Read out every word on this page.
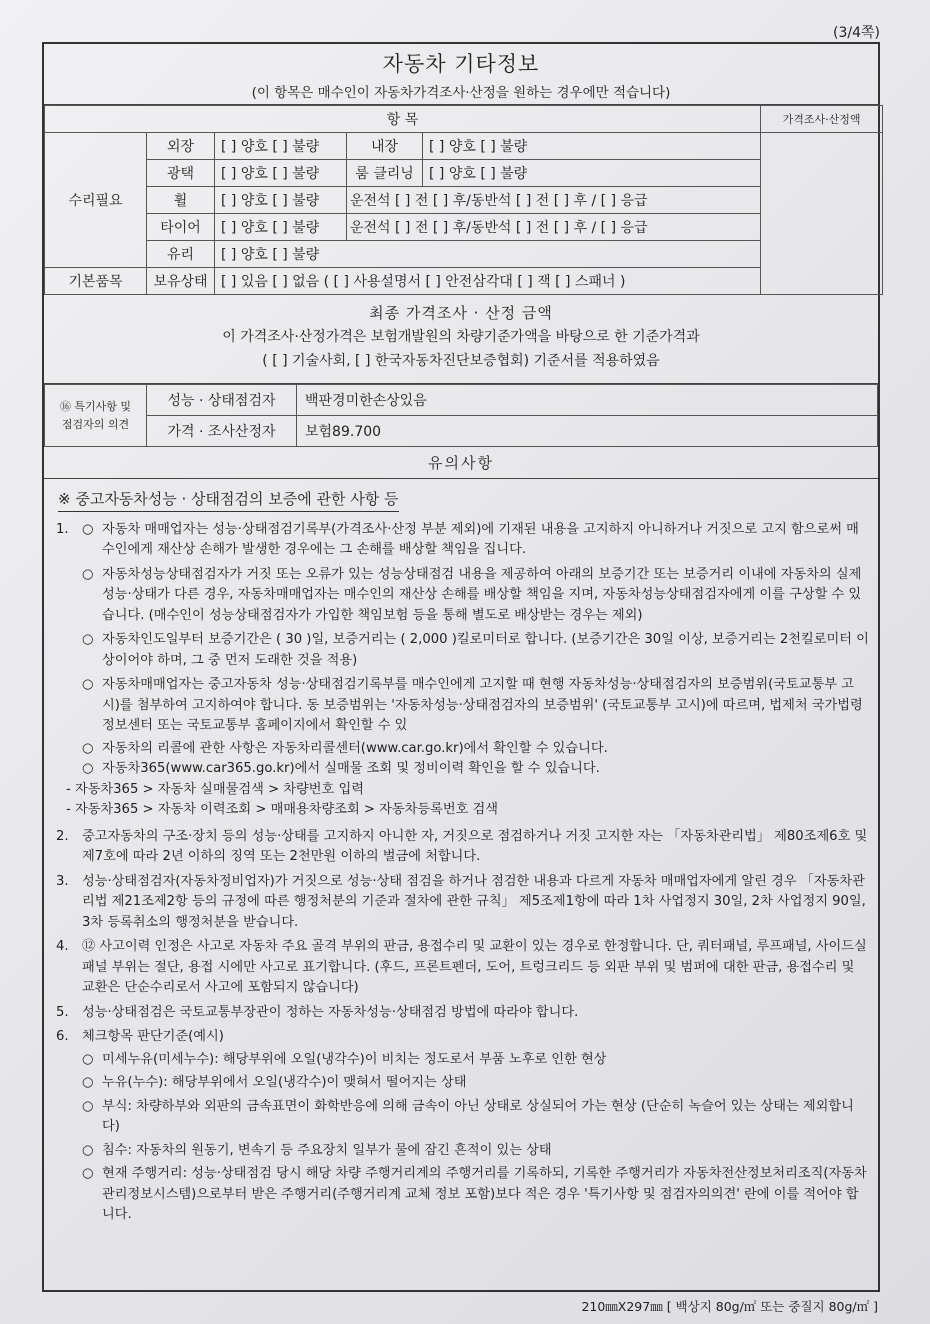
(3/4쪽)
자동차 기타정보
(이 항목은 매수인이 자동차가격조사·산정을 원하는 경우에만 적습니다)
항 목					가격조사·산정액
수리필요	외장	[ ] 양호 [ ] 불량	내장	[ ] 양호 [ ] 불량	
	광택	[ ] 양호 [ ] 불량	룸 클리닝	[ ] 양호 [ ] 불량	
	휠	[ ] 양호 [ ] 불량	운전석 [ ] 전 [ ] 후/동반석 [ ] 전 [ ] 후 / [ ] 응급		
	타이어	[ ] 양호 [ ] 불량	운전석 [ ] 전 [ ] 후/동반석 [ ] 전 [ ] 후 / [ ] 응급		
	유리	[ ] 양호 [ ] 불량			
기본품목	보유상태	[ ] 있음 [ ] 없음 ( [ ] 사용설명서 [ ] 안전삼각대 [ ] 잭 [ ] 스패너 )			
최종 가격조사 · 산정 금액
이 가격조사·산정가격은 보험개발원의 차량기준가액을 바탕으로 한 기준가격과
( [ ] 기술사회, [ ] 한국자동차진단보증협회) 기준서를 적용하였음
⑯ 특기사항 및
점검자의 의견	성능 · 상태점검자	백판경미한손상있음
	가격 · 조사산정자	보험89.700
유의사항
※ 중고자동차성능 · 상태점검의 보증에 관한 사항 등
1.	○ 자동차 매매업자는 성능·상태점검기록부(가격조사·산정 부분 제외)에 기재된 내용을 고지하지 아니하거나 거짓으로 고지 함으로써 매수인에게 재산상 손해가 발생한 경우에는 그 손해를 배상할 책임을 집니다.
○ 자동차성능상태점검자가 거짓 또는 오류가 있는 성능상태점검 내용을 제공하여 아래의 보증기간 또는 보증거리 이내에 자동차의 실제 성능·상태가 다른 경우, 자동차매매업자는 매수인의 재산상 손해를 배상할 책임을 지며, 자동차성능상태점검자에게 이를 구상할 수 있습니다. (매수인이 성능상태점검자가 가입한 책임보험 등을 통해 별도로 배상받는 경우는 제외)
○ 자동차인도일부터 보증기간은 ( 30 )일, 보증거리는 ( 2,000 )킬로미터로 합니다. (보증기간은 30일 이상, 보증거리는 2천킬로미터 이상이어야 하며, 그 중 먼저 도래한 것을 적용)
○ 자동차매매업자는 중고자동차 성능·상태점검기록부를 매수인에게 고지할 때 현행 자동차성능·상태점검자의 보증범위(국토교통부 고시)를 첨부하여 고지하여야 합니다. 동 보증범위는 '자동차성능·상태점검자의 보증범위' (국토교통부 고시)에 따르며, 법제처 국가법령정보센터 또는 국토교통부 홈페이지에서 확인할 수 있
○ 자동차의 리콜에 관한 사항은 자동차리콜센터(www.car.go.kr)에서 확인할 수 있습니다.
○ 자동차365(www.car365.go.kr)에서 실매물 조회 및 정비이력 확인을 할 수 있습니다.
- 자동차365 > 자동차 실매물검색 > 차량번호 입력
- 자동차365 > 자동차 이력조회 > 매매용차량조회 > 자동차등록번호 검색
2.	중고자동차의 구조·장치 등의 성능·상태를 고지하지 아니한 자, 거짓으로 점검하거나 거짓 고지한 자는 「자동차관리법」 제80조제6호 및 제7호에 따라 2년 이하의 징역 또는 2천만원 이하의 벌금에 처합니다.
3.	성능·상태점검자(자동차정비업자)가 거짓으로 성능·상태 점검을 하거나 점검한 내용과 다르게 자동차 매매업자에게 알린 경우 「자동차관리법 제21조제2항 등의 규정에 따른 행정처분의 기준과 절차에 관한 규칙」 제5조제1항에 따라 1차 사업정지 30일, 2차 사업정지 90일, 3차 등록취소의 행정처분을 받습니다.
4.	⑫ 사고이력 인정은 사고로 자동차 주요 골격 부위의 판금, 용접수리 및 교환이 있는 경우로 한정합니다. 단, 쿼터패널, 루프패널, 사이드실패널 부위는 절단, 용접 시에만 사고로 표기합니다. (후드, 프론트펜더, 도어, 트렁크리드 등 외판 부위 및 범퍼에 대한 판금, 용접수리 및 교환은 단순수리로서 사고에 포함되지 않습니다)
5.	성능·상태점검은 국토교통부장관이 정하는 자동차성능·상태점검 방법에 따라야 합니다.
6.	체크항목 판단기준(예시)
○ 미세누유(미세누수): 해당부위에 오일(냉각수)이 비치는 정도로서 부품 노후로 인한 현상
○ 누유(누수): 해당부위에서 오일(냉각수)이 맺혀서 떨어지는 상태
○ 부식: 차량하부와 외판의 금속표면이 화학반응에 의해 금속이 아닌 상태로 상실되어 가는 현상 (단순히 녹슬어 있는 상태는 제외합니다)
○ 침수: 자동차의 원동기, 변속기 등 주요장치 일부가 물에 잠긴 흔적이 있는 상태
○ 현재 주행거리: 성능·상태점검 당시 해당 차량 주행거리계의 주행거리를 기록하되, 기록한 주행거리가 자동차전산정보처리조직(자동차관리정보시스템)으로부터 받은 주행거리(주행거리계 교체 정보 포함)보다 적은 경우 '특기사항 및 점검자의의견' 란에 이를 적어야 합니다.
210㎜X297㎜ [ 백상지 80g/㎡ 또는 중질지 80g/㎡ ]
